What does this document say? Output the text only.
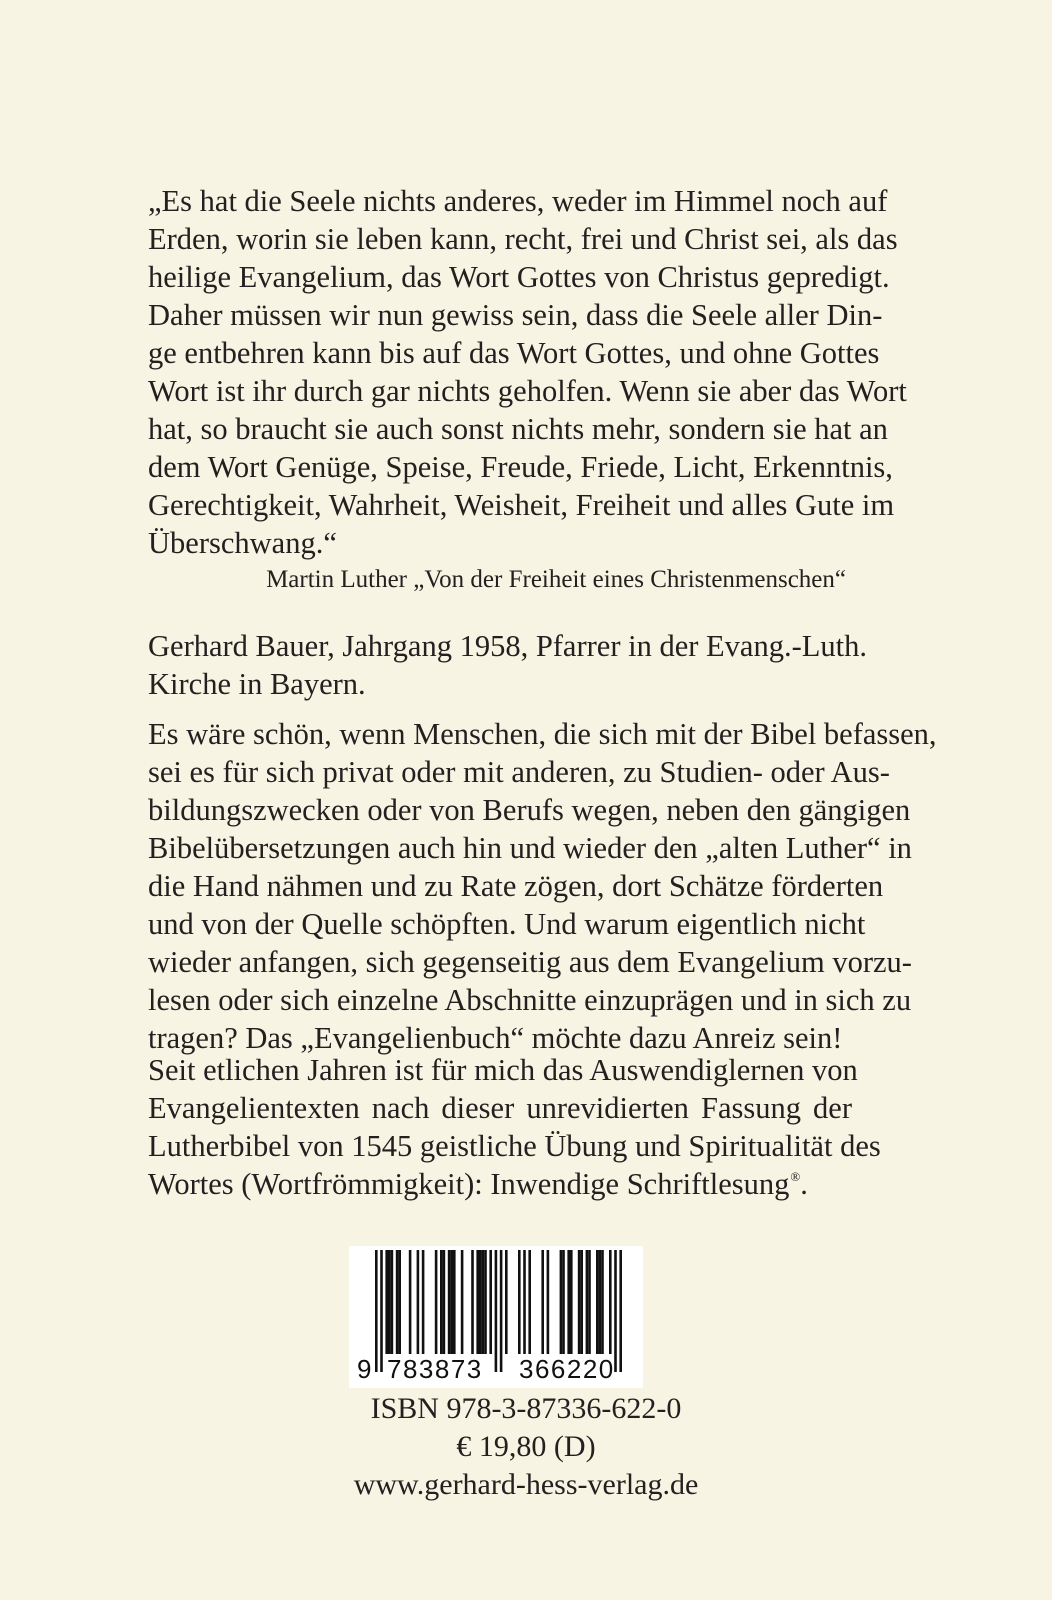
„Es hat die Seele nichts anderes, weder im Himmel noch auf
Erden, worin sie leben kann, recht, frei und Christ sei, als das
heilige Evangelium, das Wort Gottes von Christus gepredigt.
Daher müssen wir nun gewiss sein, dass die Seele aller Din-
ge entbehren kann bis auf das Wort Gottes, und ohne Gottes
Wort ist ihr durch gar nichts geholfen. Wenn sie aber das Wort
hat, so braucht sie auch sonst nichts mehr, sondern sie hat an
dem Wort Genüge, Speise, Freude, Friede, Licht, Erkenntnis,
Gerechtigkeit, Wahrheit, Weisheit, Freiheit und alles Gute im
Überschwang.“
Martin Luther „Von der Freiheit eines Christenmenschen“
Gerhard Bauer, Jahrgang 1958, Pfarrer in der Evang.-Luth.
Kirche in Bayern.
Es wäre schön, wenn Menschen, die sich mit der Bibel befassen,
sei es für sich privat oder mit anderen, zu Studien- oder Aus-
bildungszwecken oder von Berufs wegen, neben den gängigen
Bibelübersetzungen auch hin und wieder den „alten Luther“ in
die Hand nähmen und zu Rate zögen, dort Schätze förderten
und von der Quelle schöpften. Und warum eigentlich nicht
wieder anfangen, sich gegenseitig aus dem Evangelium vorzu-
lesen oder sich einzelne Abschnitte einzuprägen und in sich zu
tragen? Das „Evangelienbuch“ möchte dazu Anreiz sein!
Seit etlichen Jahren ist für mich das Auswendiglernen von
Evangelientexten nach dieser unrevidierten Fassung der
Lutherbibel von 1545 geistliche Übung und Spiritualität des
Wortes (Wortfrömmigkeit): Inwendige Schriftlesung®.
9 783873 366220
ISBN 978-3-87336-622-0
€ 19,80 (D)
www.gerhard-hess-verlag.de
